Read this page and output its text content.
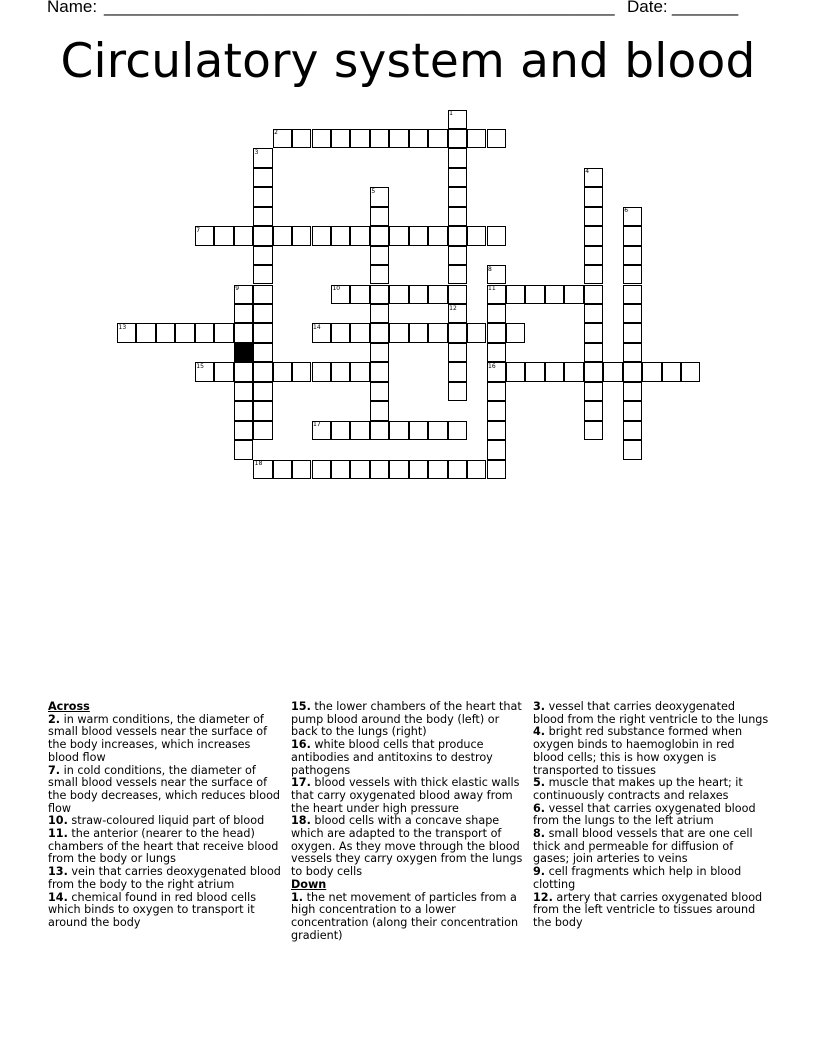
Name: ______________________________________________________ Date: _______
Circulatory system and blood
1
2
3
4
5
6
7
8
9	10	11
12
13	14
15	16
17
18

Across

2. in warm conditions, the diameter of small blood vessels near the surface of the body increases, which increases blood flow

7. in cold conditions, the diameter of small blood vessels near the surface of the body decreases, which reduces blood flow

10. straw-coloured liquid part of blood

11. the anterior (nearer to the head) chambers of the heart that receive blood from the body or lungs

13. vein that carries deoxygenated blood from the body to the right atrium

14. chemical found in red blood cells which binds to oxygen to transport it around the body

15. the lower chambers of the heart that pump blood around the body (left) or back to the lungs (right)

16. white blood cells that produce antibodies and antitoxins to destroy pathogens

17. blood vessels with thick elastic walls that carry oxygenated blood away from the heart under high pressure

18. blood cells with a concave shape which are adapted to the transport of oxygen. As they move through the blood vessels they carry oxygen from the lungs to body cells

Down

1. the net movement of particles from a high concentration to a lower concentration (along their concentration gradient)

3. vessel that carries deoxygenated blood from the right ventricle to the lungs

4. bright red substance formed when oxygen binds to haemoglobin in red blood cells; this is how oxygen is transported to tissues

5. muscle that makes up the heart; it continuously contracts and relaxes

6. vessel that carries oxygenated blood from the lungs to the left atrium

8. small blood vessels that are one cell thick and permeable for diffusion of gases; join arteries to veins

9. cell fragments which help in blood clotting

12. artery that carries oxygenated blood from the left ventricle to tissues around the body
